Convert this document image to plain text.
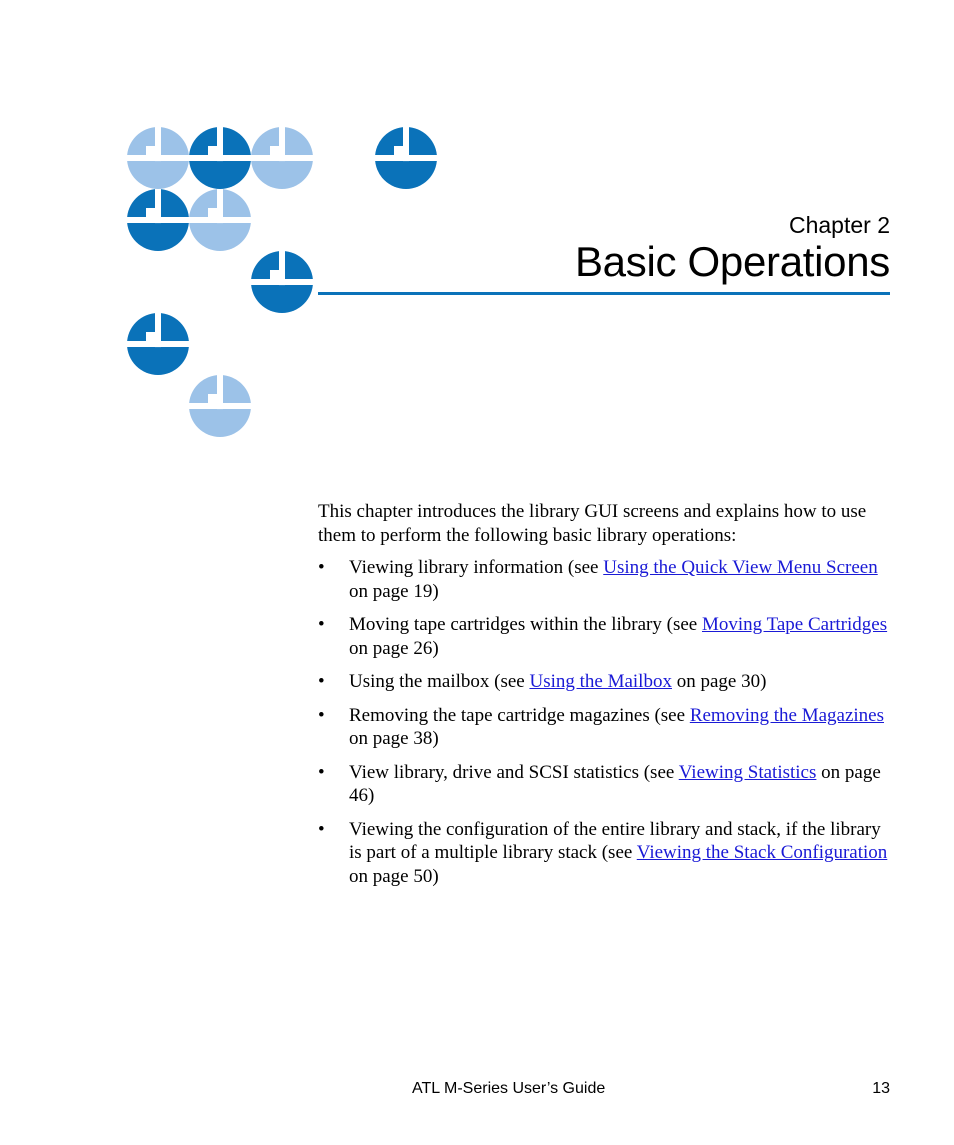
Chapter 2
Basic Operations

This chapter introduces the library GUI screens and explains how to use them to perform the following basic library operations:

• Viewing library information (see Using the Quick View Menu Screen on page 19)
• Moving tape cartridges within the library (see Moving Tape Cartridges on page 26)
• Using the mailbox (see Using the Mailbox on page 30)
• Removing the tape cartridge magazines (see Removing the Magazines on page 38)
• View library, drive and SCSI statistics (see Viewing Statistics on page 46)
• Viewing the configuration of the entire library and stack, if the library is part of a multiple library stack (see Viewing the Stack Configuration on page 50)
ATL M-Series User’s Guide	13
